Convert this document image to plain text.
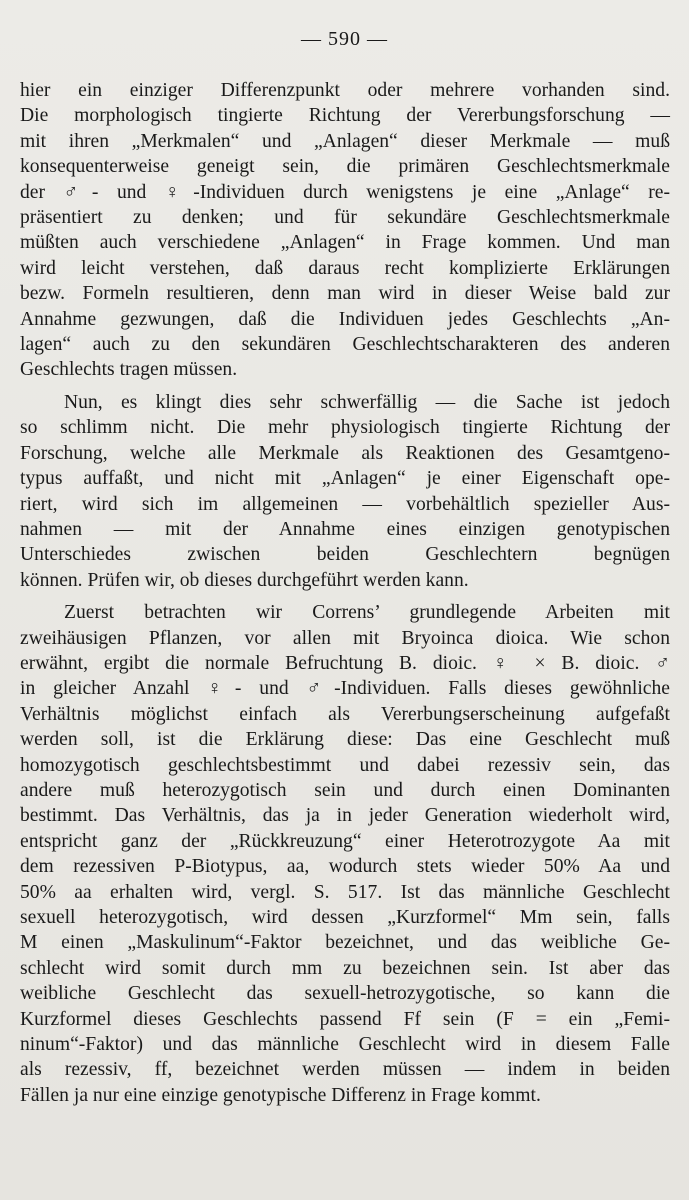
— 590 —
hier ein einziger Differenzpunkt oder mehrere vorhanden sind.
Die morphologisch tingierte Richtung der Vererbungsforschung —
mit ihren „Merkmalen“ und „Anlagen“ dieser Merkmale — muß
konsequenterweise geneigt sein, die primären Geschlechtsmerkmale
der ♂- und ♀-Individuen durch wenigstens je eine „Anlage“ re-
präsentiert zu denken; und für sekundäre Geschlechtsmerkmale
müßten auch verschiedene „Anlagen“ in Frage kommen. Und man
wird leicht verstehen, daß daraus recht komplizierte Erklärungen
bezw. Formeln resultieren, denn man wird in dieser Weise bald zur
Annahme gezwungen, daß die Individuen jedes Geschlechts „An-
lagen“ auch zu den sekundären Geschlechtscharakteren des anderen
Geschlechts tragen müssen.
Nun, es klingt dies sehr schwerfällig — die Sache ist jedoch
so schlimm nicht. Die mehr physiologisch tingierte Richtung der
Forschung, welche alle Merkmale als Reaktionen des Gesamtgeno-
typus auffaßt, und nicht mit „Anlagen“ je einer Eigenschaft ope-
riert, wird sich im allgemeinen — vorbehältlich spezieller Aus-
nahmen — mit der Annahme eines einzigen genotypischen
Unterschiedes zwischen beiden Geschlechtern begnügen
können. Prüfen wir, ob dieses durchgeführt werden kann.
Zuerst betrachten wir Correns’ grundlegende Arbeiten mit
zweihäusigen Pflanzen, vor allen mit Bryoinca dioica. Wie schon
erwähnt, ergibt die normale Befruchtung B. dioic. ♀ × B. dioic. ♂
in gleicher Anzahl ♀- und ♂-Individuen. Falls dieses gewöhnliche
Verhältnis möglichst einfach als Vererbungserscheinung aufgefaßt
werden soll, ist die Erklärung diese: Das eine Geschlecht muß
homozygotisch geschlechtsbestimmt und dabei rezessiv sein, das
andere muß heterozygotisch sein und durch einen Dominanten
bestimmt. Das Verhältnis, das ja in jeder Generation wiederholt wird,
entspricht ganz der „Rückkreuzung“ einer Heterotrozygote Aa mit
dem rezessiven P-Biotypus, aa, wodurch stets wieder 50% Aa und
50% aa erhalten wird, vergl. S. 517. Ist das männliche Geschlecht
sexuell heterozygotisch, wird dessen „Kurzformel“ Mm sein, falls
M einen „Maskulinum“-Faktor bezeichnet, und das weibliche Ge-
schlecht wird somit durch mm zu bezeichnen sein. Ist aber das
weibliche Geschlecht das sexuell-hetrozygotische, so kann die
Kurzformel dieses Geschlechts passend Ff sein (F = ein „Femi-
ninum“-Faktor) und das männliche Geschlecht wird in diesem Falle
als rezessiv, ff, bezeichnet werden müssen — indem in beiden
Fällen ja nur eine einzige genotypische Differenz in Frage kommt.
